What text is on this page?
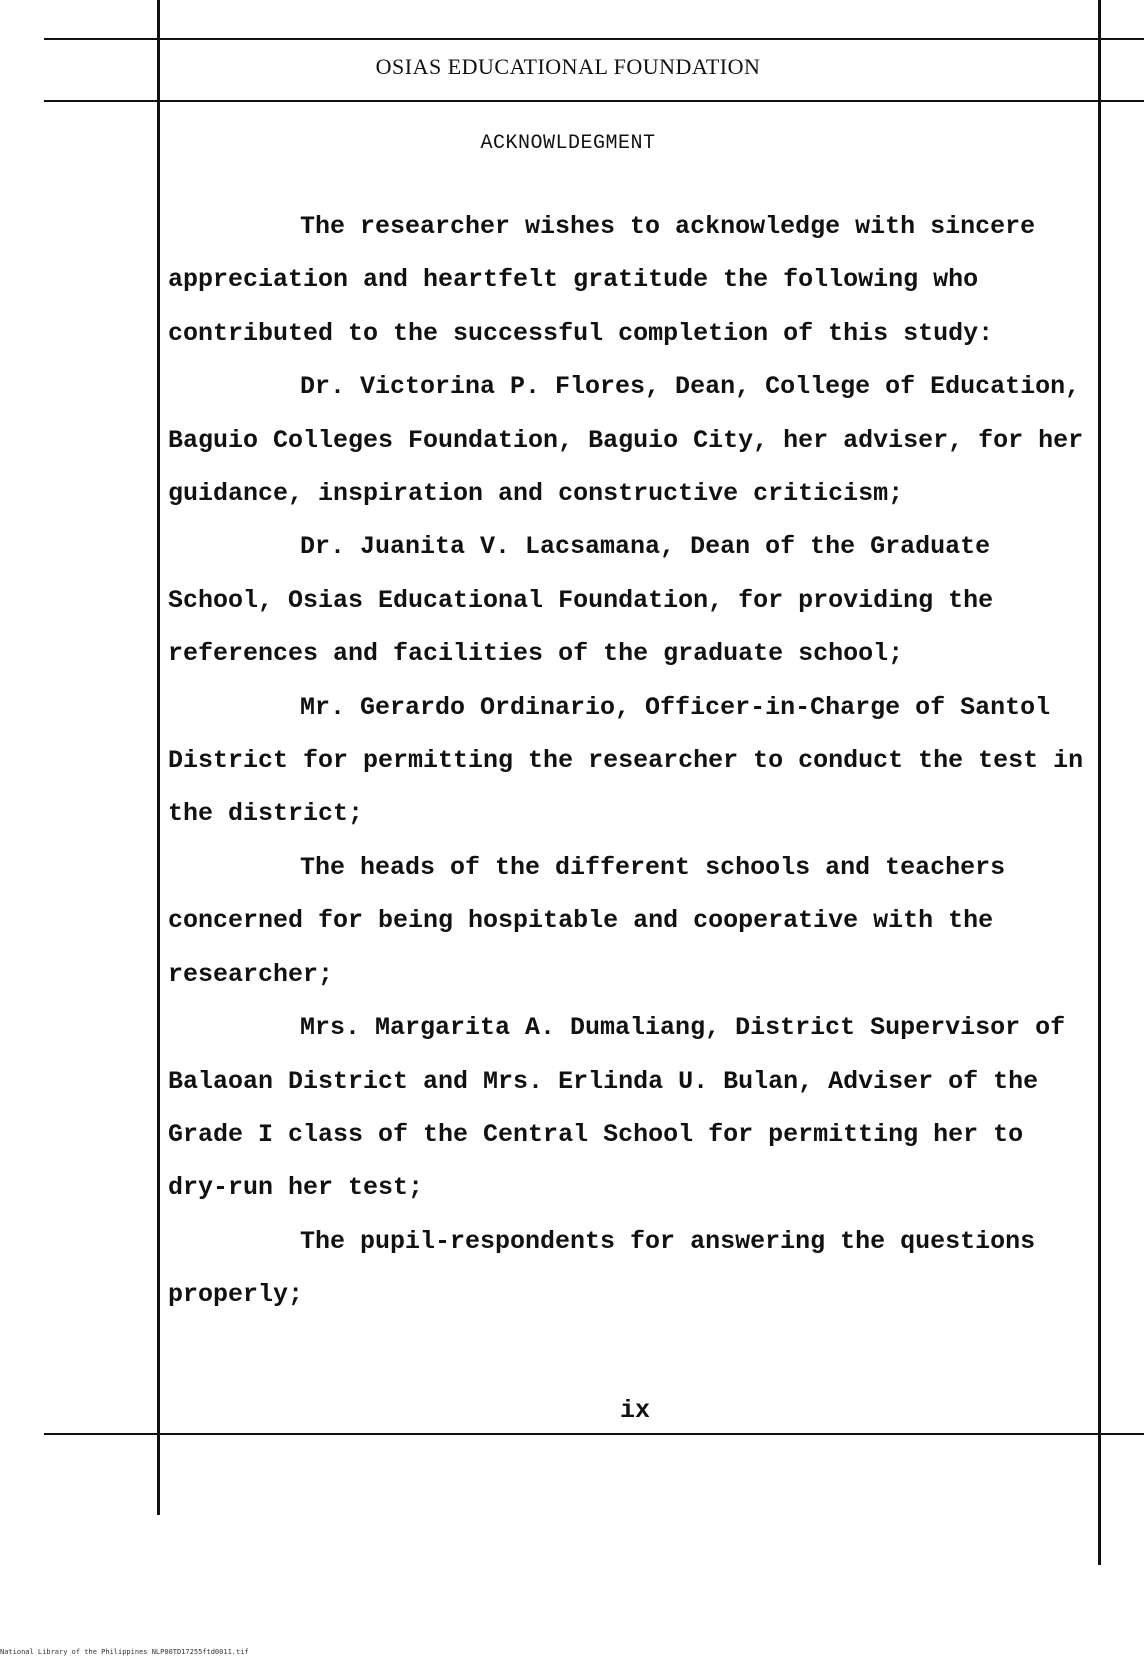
OSIAS EDUCATIONAL FOUNDATION
ACKNOWLDEGMENT

The researcher wishes to acknowledge with sincere appreciation and heartfelt gratitude the following who contributed to the successful completion of this study:

Dr. Victorina P. Flores, Dean, College of Education, Baguio Colleges Foundation, Baguio City, her adviser, for her guidance, inspiration and constructive criticism;

Dr. Juanita V. Lacsamana, Dean of the Graduate School, Osias Educational Foundation, for providing the references and facilities of the graduate school;

Mr. Gerardo Ordinario, Officer-in-Charge of Santol District for permitting the researcher to conduct the test in the district;

The heads of the different schools and teachers concerned for being hospitable and cooperative with the researcher;

Mrs. Margarita A. Dumaliang, District Supervisor of Balaoan District and Mrs. Erlinda U. Bulan, Adviser of the Grade I class of the Central School for permitting her to dry-run her test;

The pupil-respondents for answering the questions properly;

ix
National Library of the Philippines NLP00TD17255ftd0011.tif
